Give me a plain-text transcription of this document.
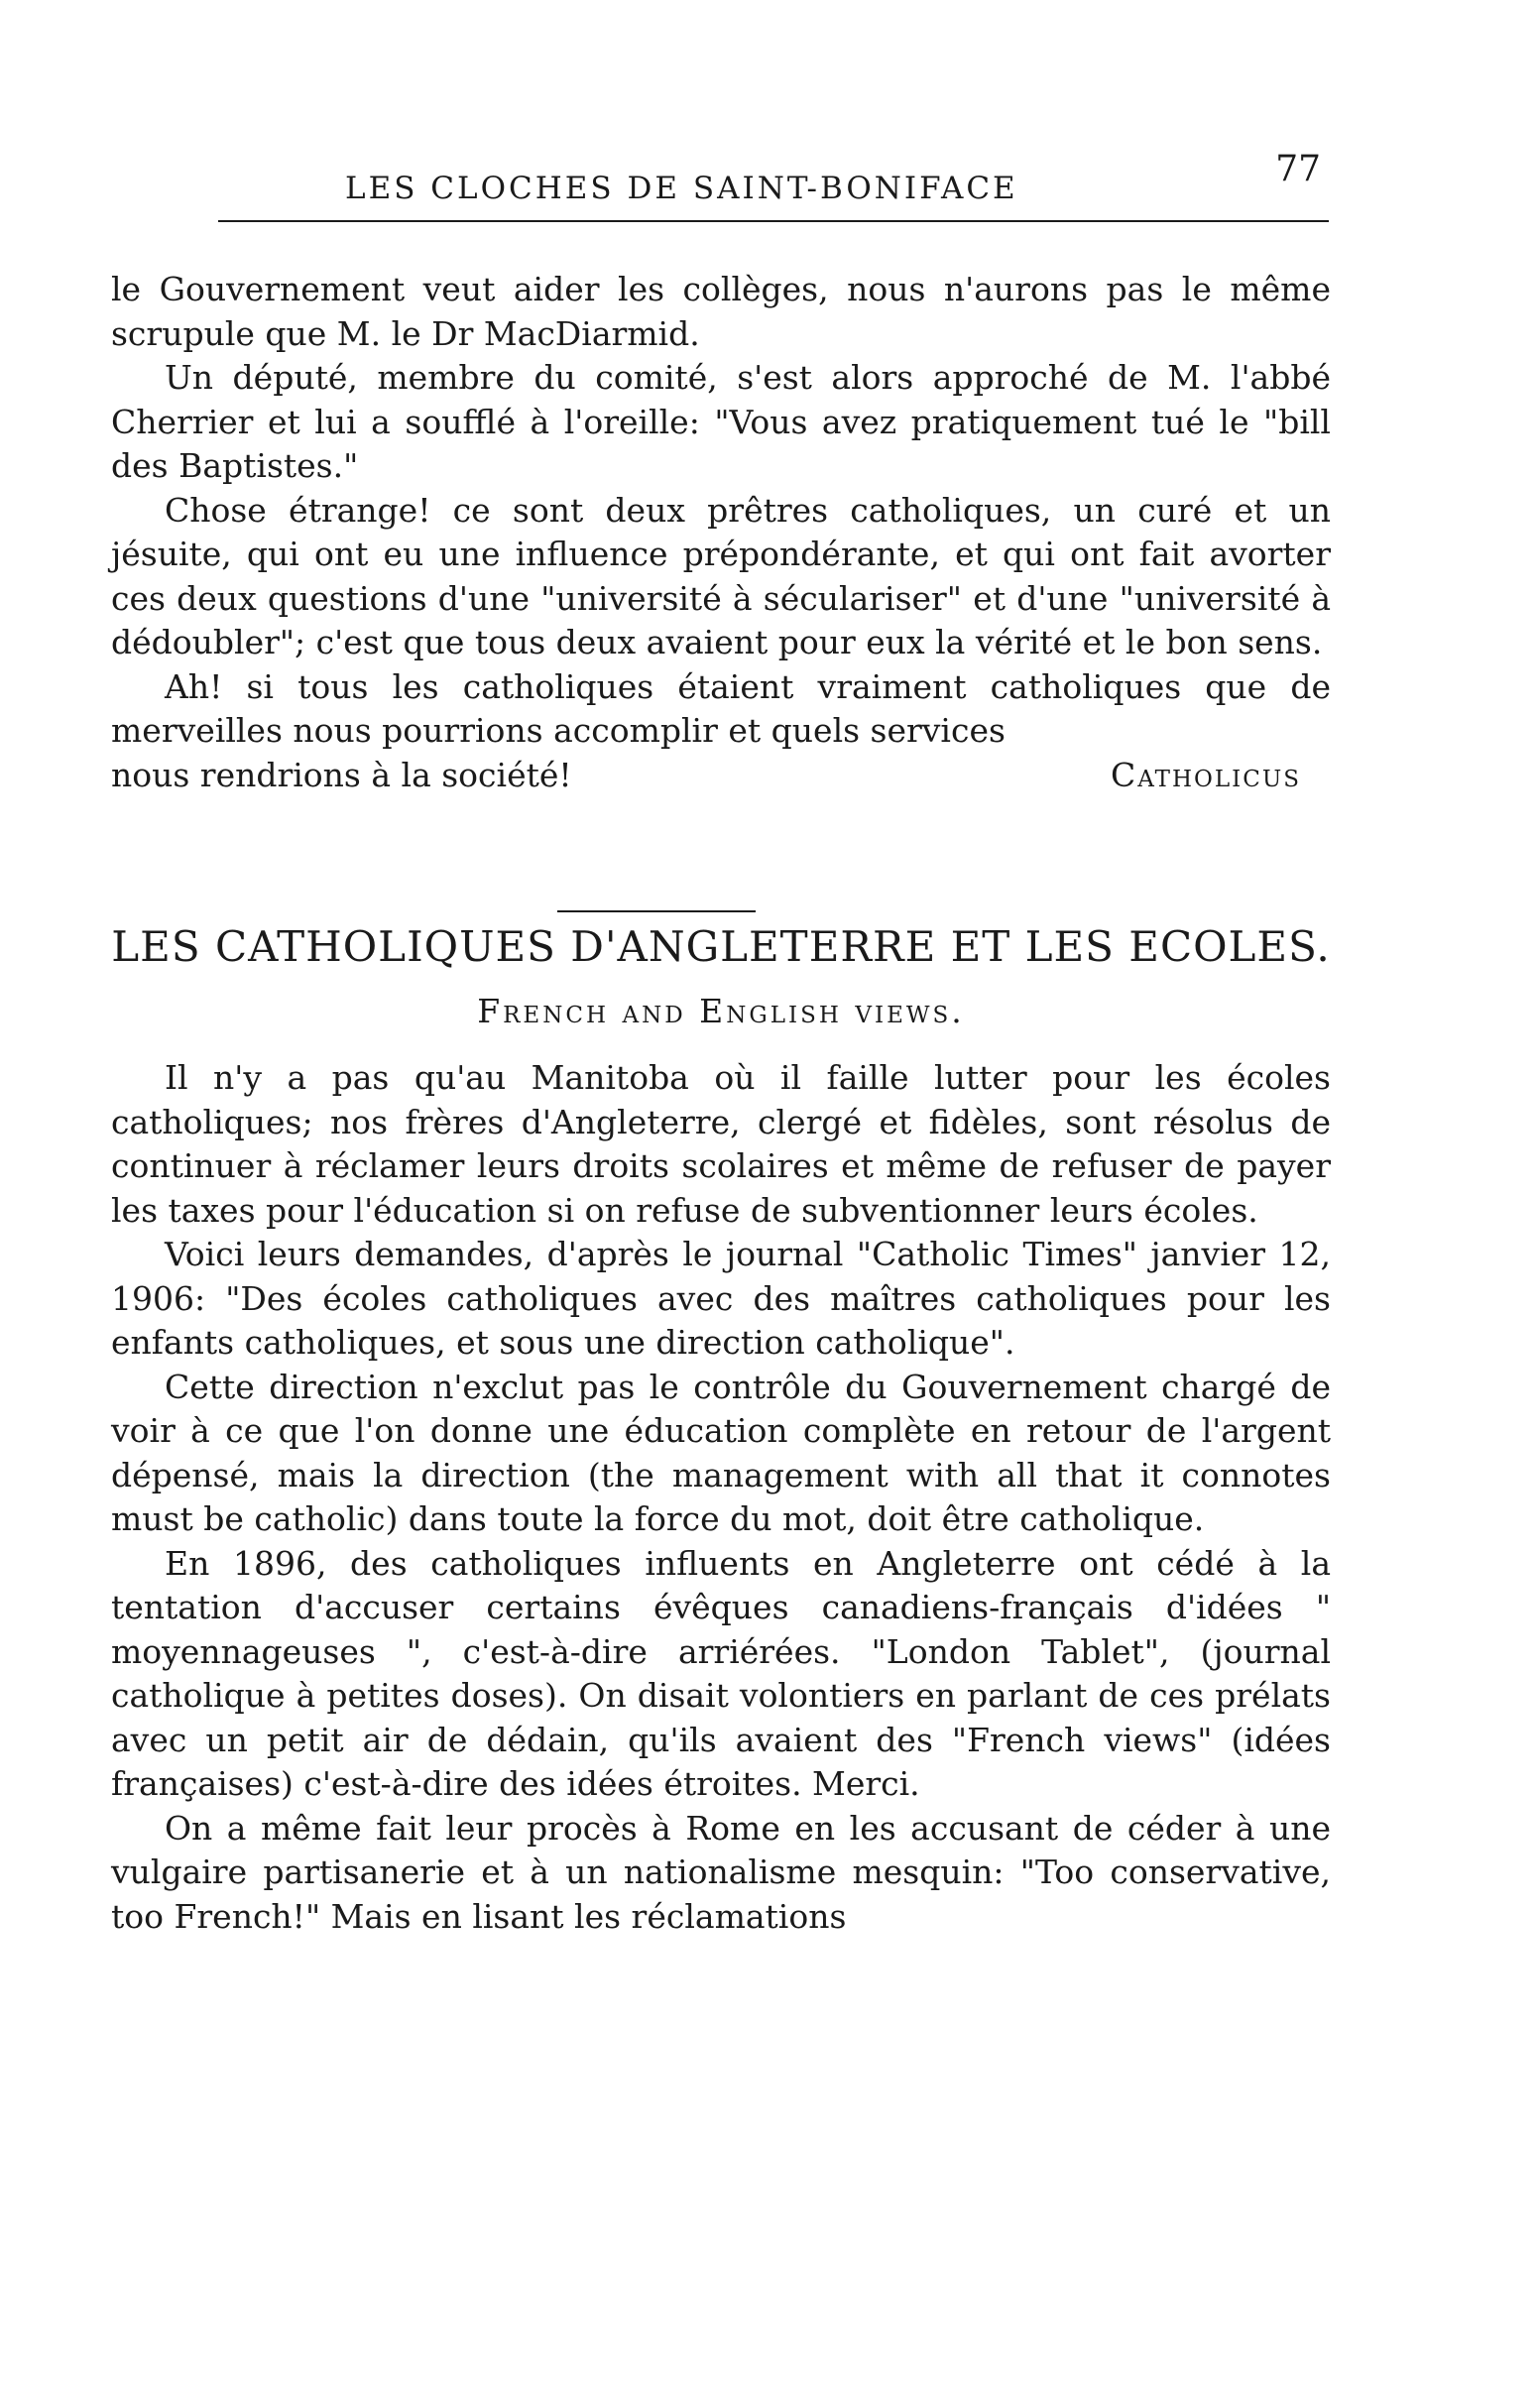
LES CLOCHES DE SAINT-BONIFACE	77

le Gouvernement veut aider les collèges, nous n'aurons pas le même scrupule que M. le Dr MacDiarmid.

Un député, membre du comité, s'est alors approché de M. l'abbé Cherrier et lui a soufflé à l'oreille: "Vous avez pratiquement tué le "bill des Baptistes."

Chose étrange! ce sont deux prêtres catholiques, un curé et un jésuite, qui ont eu une influence prépondérante, et qui ont fait avorter ces deux questions d'une "université à séculariser" et d'une "université à dédoubler"; c'est que tous deux avaient pour eux la vérité et le bon sens.

Ah! si tous les catholiques étaient vraiment catholiques que de merveilles nous pourrions accomplir et quels services

nous rendrions à la société!	Catholicus
LES CATHOLIQUES D'ANGLETERRE ET LES ECOLES.
French and English views.

Il n'y a pas qu'au Manitoba où il faille lutter pour les écoles catholiques; nos frères d'Angleterre, clergé et fidèles, sont résolus de continuer à réclamer leurs droits scolaires et même de refuser de payer les taxes pour l'éducation si on refuse de subventionner leurs écoles.

Voici leurs demandes, d'après le journal "Catholic Times" janvier 12, 1906: "Des écoles catholiques avec des maîtres catholiques pour les enfants catholiques, et sous une direction catholique".

Cette direction n'exclut pas le contrôle du Gouvernement chargé de voir à ce que l'on donne une éducation complète en retour de l'argent dépensé, mais la direction (the management with all that it connotes must be catholic) dans toute la force du mot, doit être catholique.

En 1896, des catholiques influents en Angleterre ont cédé à la tentation d'accuser certains évêques canadiens-français d'idées " moyennageuses ", c'est-à-dire arriérées. "London Tablet", (journal catholique à petites doses). On disait volontiers en parlant de ces prélats avec un petit air de dédain, qu'ils avaient des "French views" (idées françaises) c'est-à-dire des idées étroites. Merci.

On a même fait leur procès à Rome en les accusant de céder à une vulgaire partisanerie et à un nationalisme mesquin: "Too conservative, too French!" Mais en lisant les réclamations
